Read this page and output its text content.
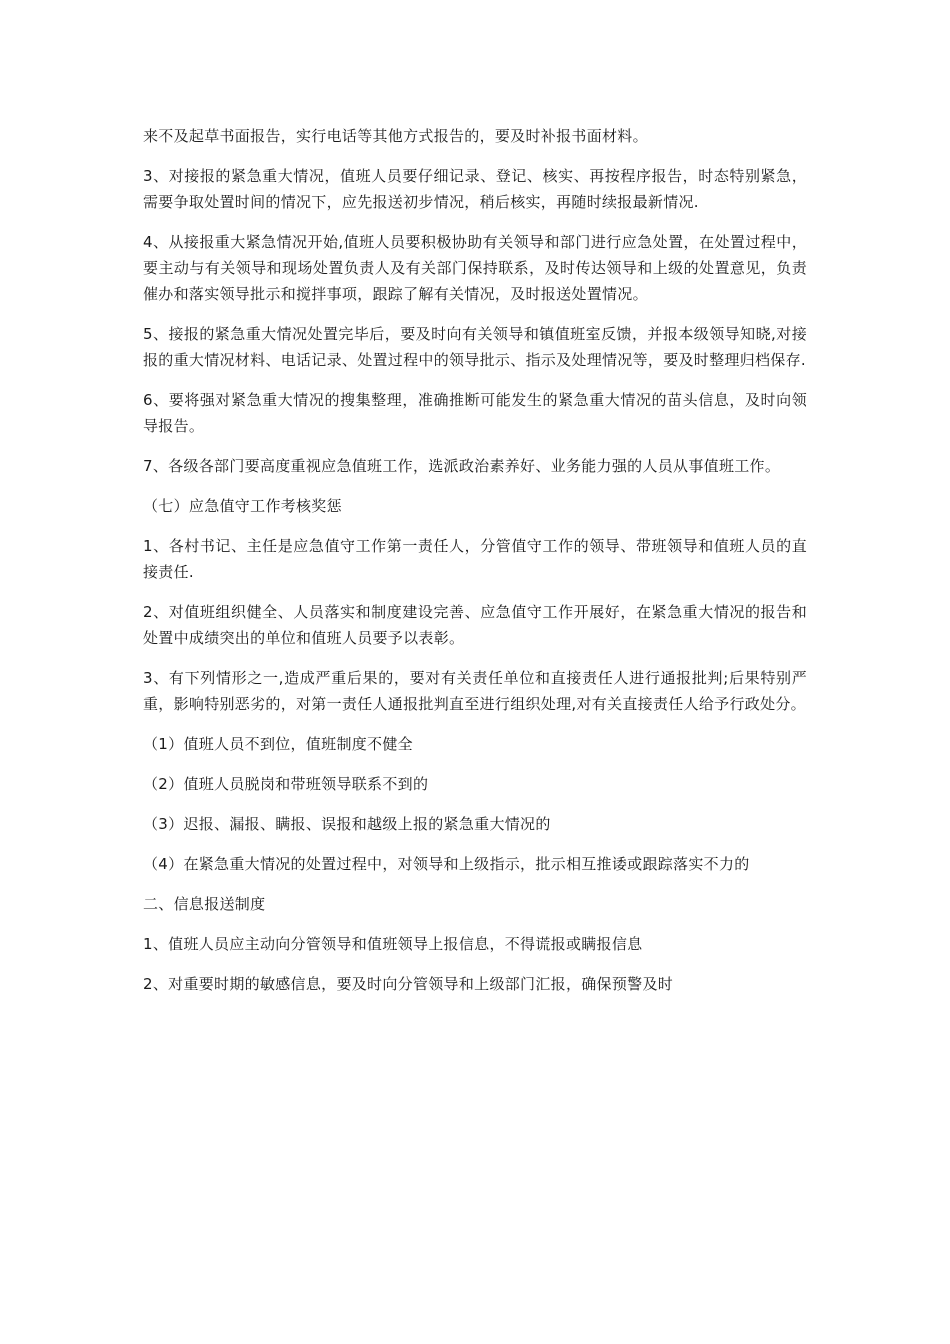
来不及起草书面报告，实行电话等其他方式报告的，要及时补报书面材料。

3、对接报的紧急重大情况，值班人员要仔细记录、登记、核实、再按程序报告，时态特别紧急，需要争取处置时间的情况下，应先报送初步情况，稍后核实，再随时续报最新情况.

4、从接报重大紧急情况开始,值班人员要积极协助有关领导和部门进行应急处置，在处置过程中，要主动与有关领导和现场处置负责人及有关部门保持联系，及时传达领导和上级的处置意见，负责催办和落实领导批示和搅拌事项，跟踪了解有关情况，及时报送处置情况。

5、接报的紧急重大情况处置完毕后，要及时向有关领导和镇值班室反馈，并报本级领导知晓,对接报的重大情况材料、电话记录、处置过程中的领导批示、指示及处理情况等，要及时整理归档保存.

6、要将强对紧急重大情况的搜集整理，准确推断可能发生的紧急重大情况的苗头信息，及时向领导报告。

7、各级各部门要高度重视应急值班工作，选派政治素养好、业务能力强的人员从事值班工作。

（七）应急值守工作考核奖惩

1、各村书记、主任是应急值守工作第一责任人，分管值守工作的领导、带班领导和值班人员的直接责任.

2、对值班组织健全、人员落实和制度建设完善、应急值守工作开展好，在紧急重大情况的报告和处置中成绩突出的单位和值班人员要予以表彰。

3、有下列情形之一,造成严重后果的，要对有关责任单位和直接责任人进行通报批判;后果特别严重，影响特别恶劣的，对第一责任人通报批判直至进行组织处理,对有关直接责任人给予行政处分。

（1）值班人员不到位，值班制度不健全

（2）值班人员脱岗和带班领导联系不到的

（3）迟报、漏报、瞒报、误报和越级上报的紧急重大情况的

（4）在紧急重大情况的处置过程中，对领导和上级指示，批示相互推诿或跟踪落实不力的

二、信息报送制度

1、值班人员应主动向分管领导和值班领导上报信息，不得谎报或瞒报信息

2、对重要时期的敏感信息，要及时向分管领导和上级部门汇报，确保预警及时
